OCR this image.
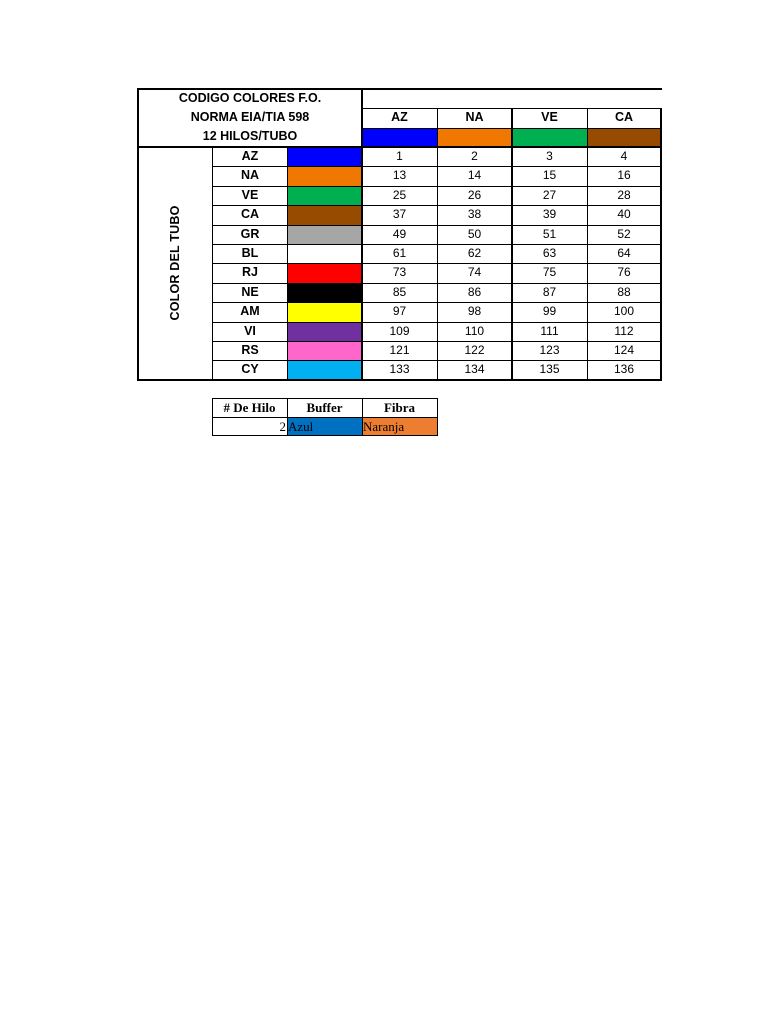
CODIGO COLORES F.O.
NORMA EIA/TIA 598
12 HILOS/TUBO
COLOR DEL TUBO
AZ	NA	VE	CA
AZ	1	2	3	4
NA	13	14	15	16
VE	25	26	27	28
CA	37	38	39	40
GR	49	50	51	52
BL	61	62	63	64
RJ	73	74	75	76
NE	85	86	87	88
AM	97	98	99	100
VI	109	110	111	112
RS	121	122	123	124
CY	133	134	135	136
# De Hilo	Buffer	Fibra
2 Azul	Naranja
